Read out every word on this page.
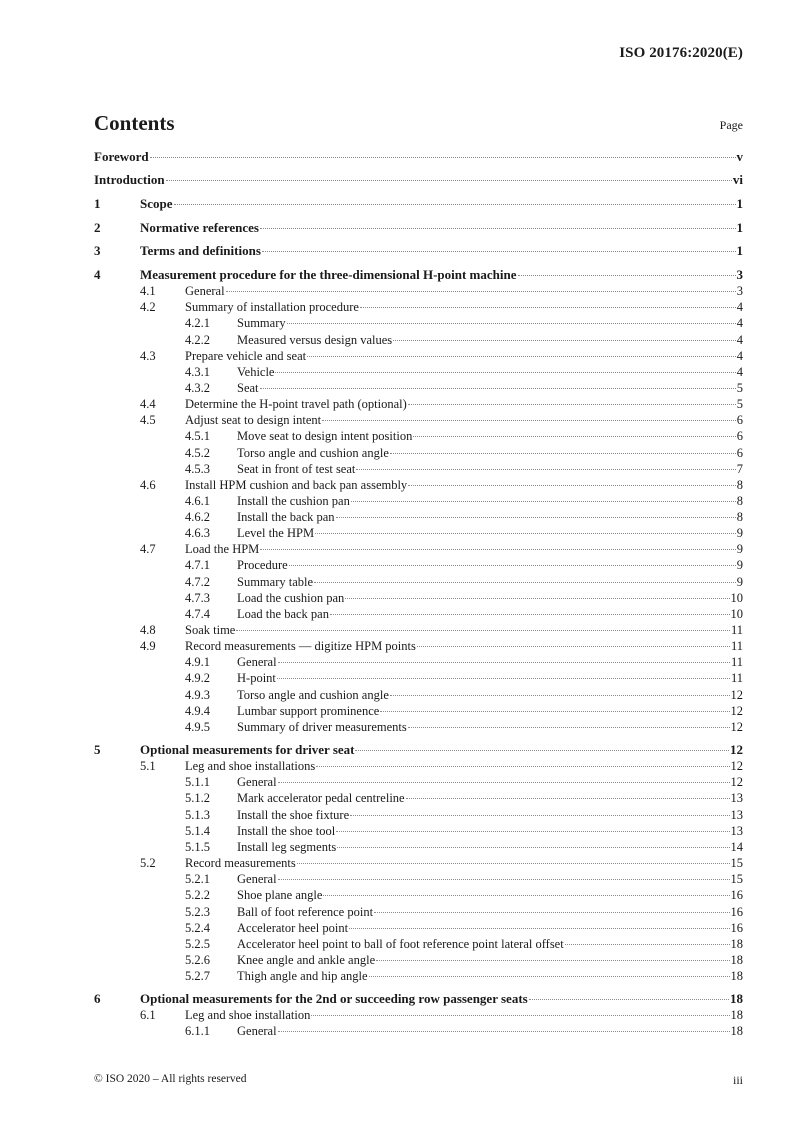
ISO 20176:2020(E)
Contents	Page
Foreword	v
Introduction	vi
1	Scope	1
2	Normative references	1
3	Terms and definitions	1
4	Measurement procedure for the three-dimensional H-point machine	3
4.1	General	3
4.2	Summary of installation procedure	4
4.2.1	Summary	4
4.2.2	Measured versus design values	4
4.3	Prepare vehicle and seat	4
4.3.1	Vehicle	4
4.3.2	Seat	5
4.4	Determine the H-point travel path (optional)	5
4.5	Adjust seat to design intent	6
4.5.1	Move seat to design intent position	6
4.5.2	Torso angle and cushion angle	6
4.5.3	Seat in front of test seat	7
4.6	Install HPM cushion and back pan assembly	8
4.6.1	Install the cushion pan	8
4.6.2	Install the back pan	8
4.6.3	Level the HPM	9
4.7	Load the HPM	9
4.7.1	Procedure	9
4.7.2	Summary table	9
4.7.3	Load the cushion pan	10
4.7.4	Load the back pan	10
4.8	Soak time	11
4.9	Record measurements — digitize HPM points	11
4.9.1	General	11
4.9.2	H-point	11
4.9.3	Torso angle and cushion angle	12
4.9.4	Lumbar support prominence	12
4.9.5	Summary of driver measurements	12
5	Optional measurements for driver seat	12
5.1	Leg and shoe installations	12
5.1.1	General	12
5.1.2	Mark accelerator pedal centreline	13
5.1.3	Install the shoe fixture	13
5.1.4	Install the shoe tool	13
5.1.5	Install leg segments	14
5.2	Record measurements	15
5.2.1	General	15
5.2.2	Shoe plane angle	16
5.2.3	Ball of foot reference point	16
5.2.4	Accelerator heel point	16
5.2.5	Accelerator heel point to ball of foot reference point lateral offset	18
5.2.6	Knee angle and ankle angle	18
5.2.7	Thigh angle and hip angle	18
6	Optional measurements for the 2nd or succeeding row passenger seats	18
6.1	Leg and shoe installation	18
6.1.1	General	18
© ISO 2020 – All rights reserved	iii
